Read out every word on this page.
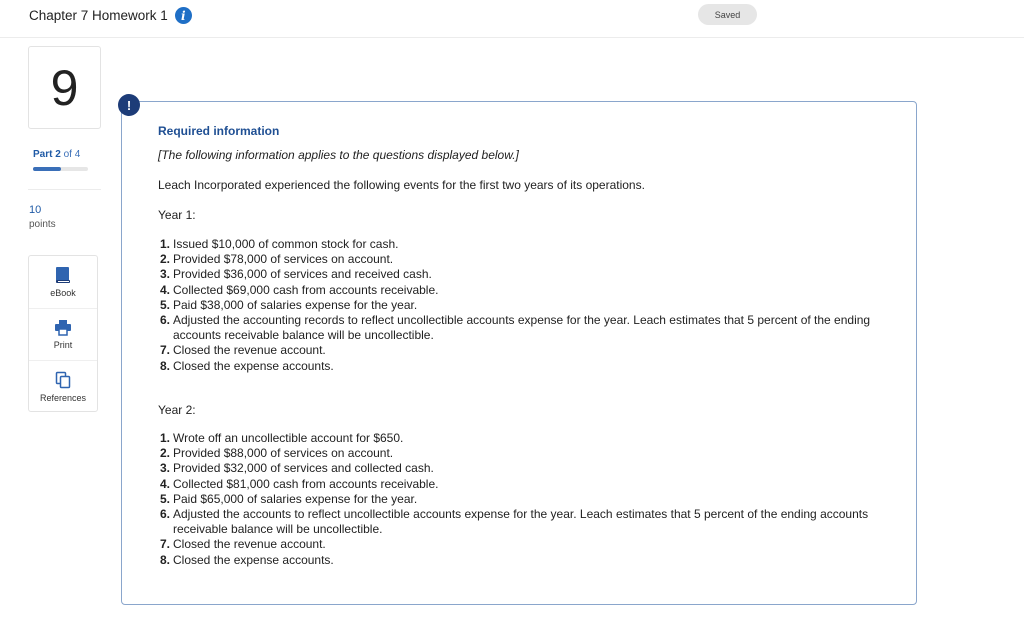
Chapter 7 Homework 1	i	Saved
9
Part 2 of 4
10
points
eBook
Print
References
!
Required information
[The following information applies to the questions displayed below.]
Leach Incorporated experienced the following events for the first two years of its operations.
Year 1:
1. Issued $10,000 of common stock for cash.
2. Provided $78,000 of services on account.
3. Provided $36,000 of services and received cash.
4. Collected $69,000 cash from accounts receivable.
5. Paid $38,000 of salaries expense for the year.
6. Adjusted the accounting records to reflect uncollectible accounts expense for the year. Leach estimates that 5 percent of the ending accounts receivable balance will be uncollectible.
7. Closed the revenue account.
8. Closed the expense accounts.
Year 2:
1. Wrote off an uncollectible account for $650.
2. Provided $88,000 of services on account.
3. Provided $32,000 of services and collected cash.
4. Collected $81,000 cash from accounts receivable.
5. Paid $65,000 of salaries expense for the year.
6. Adjusted the accounts to reflect uncollectible accounts expense for the year. Leach estimates that 5 percent of the ending accounts receivable balance will be uncollectible.
7. Closed the revenue account.
8. Closed the expense accounts.
